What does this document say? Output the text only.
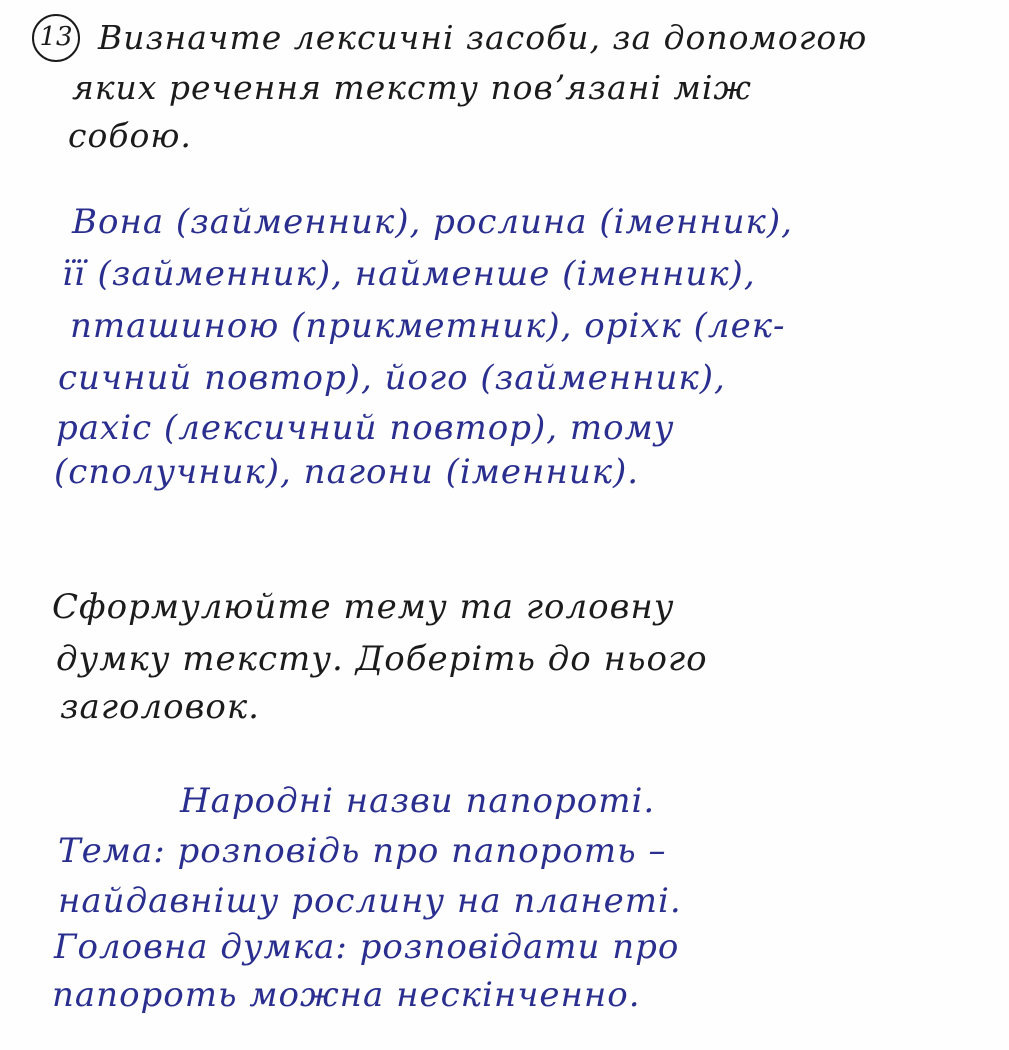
13 Визначте лексичні засоби, за допомогою
яких речення тексту повʼязані між
собою.
Вона (займенник), рослина (іменник),
її (займенник), найменше (іменник),
пташиною (прикметник), оріхк (лек-
сичний повтор), його (займенник),
рахіс (лексичний повтор), тому
(сполучник), пагони (іменник).
Сформулюйте тему та головну
думку тексту. Доберіть до нього
заголовок.
Народні назви папороті.
Тема: розповідь про папороть –
найдавнішу рослину на планеті.
Головна думка: розповідати про
папороть можна нескінченно.
